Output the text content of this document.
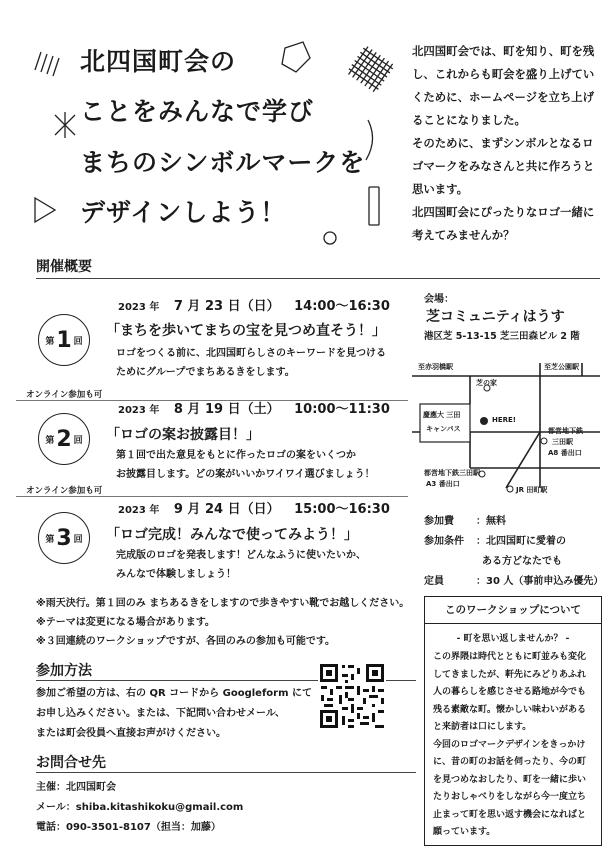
北四国町会の
ことをみんなで学び
まちのシンボルマークを
デザインしよう！
北四国町会では、町を知り、町を残し、これからも町会を盛り上げていくために、ホームページを立ち上げることになりました。
そのために、まずシンボルとなるロゴマークをみなさんと共に作ろうと思います。
北四国町会にぴったりなロゴ一緒に考えてみませんか？
開催概要
第 1 回
2023 年 7 月 23 日（日） 14:00〜16:30
「まちを歩いてまちの宝を見つめ直そう！」
ロゴをつくる前に、北四国町らしさのキーワードを見つける
ためにグループでまちあるきをします。
オンライン参加も可
第 2 回
2023 年 8 月 19 日（土） 10:00〜11:30
「ロゴの案お披露目！」
第１回で出た意見をもとに作ったロゴの案をいくつか
お披露目します。どの案がいいかワイワイ選びましょう！
オンライン参加も可
第 3 回
2023 年 9 月 24 日（日） 15:00〜16:30
「ロゴ完成！みんなで使ってみよう！」
完成版のロゴを発表します！どんなふうに使いたいか、
みんなで体験しましょう！
会場：
芝コミュニティはうす
港区芝 5-13-15 芝三田森ビル 2 階
至赤羽橋駅	至芝公園駅
芝の家
慶應大 三田
キャンパス
HERE!
都営地下鉄
三田駅
A8 番出口
都営地下鉄三田駅
A3 番出口
JR 田町駅
参加費 ：無料
参加条件 ：北四国町に愛着の
ある方どなたでも
定員	：30 人（事前申込み優先）
※雨天決行。第１回のみ まちあるきをしますので歩きやすい靴でお越しください。
※テーマは変更になる場合があります。
※３回連続のワークショップですが、各回のみの参加も可能です。
参加方法
参加ご希望の方は、右の QR コードから Googleform にて
お申し込みください。または、下記問い合わせメール、
または町会役員へ直接お声がけください。
お問合せ先
主催：北四国町会
メール：shiba.kitashikoku@gmail.com
電話：090-3501-8107（担当：加藤）
このワークショップについて
- 町を思い返しませんか？ -
この界隈は時代とともに町並みも変化してきましたが、軒先にみどりあふれ人の暮らしを感じさせる路地が今でも残る素敵な町。懐かしい味わいがあると来訪者は口にします。
今回のロゴマークデザインをきっかけに、昔の町のお話を伺ったり、今の町を見つめなおしたり、町を一緒に歩いたりおしゃべりをしながら今一度立ち止まって町を思い返す機会になればと願っています。
